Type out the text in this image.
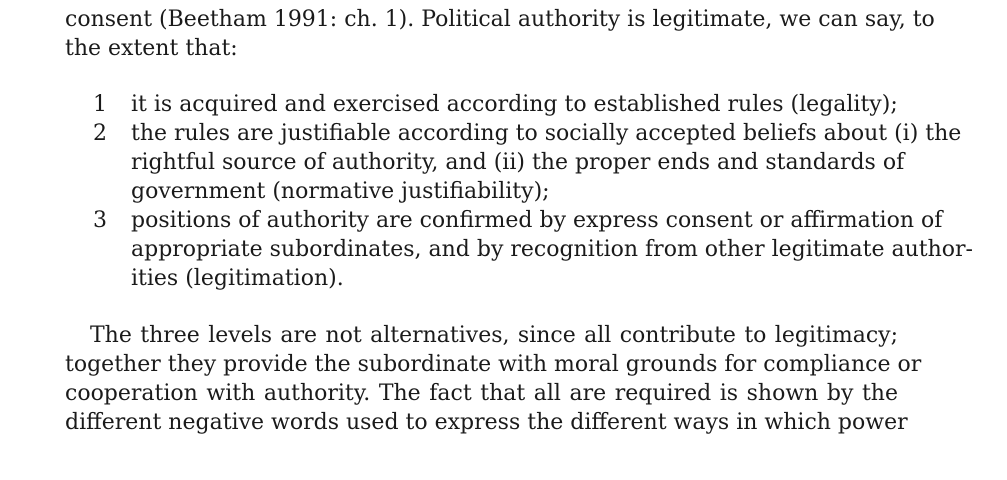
consent (Beetham 1991: ch. 1). Political authority is legitimate, we can say, to
the extent that:
1 it is acquired and exercised according to established rules (legality);
2 the rules are justifiable according to socially accepted beliefs about (i) the
rightful source of authority, and (ii) the proper ends and standards of
government (normative justifiability);
3 positions of authority are confirmed by express consent or affirmation of
appropriate subordinates, and by recognition from other legitimate author-
ities (legitimation).
The three levels are not alternatives, since all contribute to legitimacy;
together they provide the subordinate with moral grounds for compliance or
cooperation with authority. The fact that all are required is shown by the
different negative words used to express the different ways in which power
